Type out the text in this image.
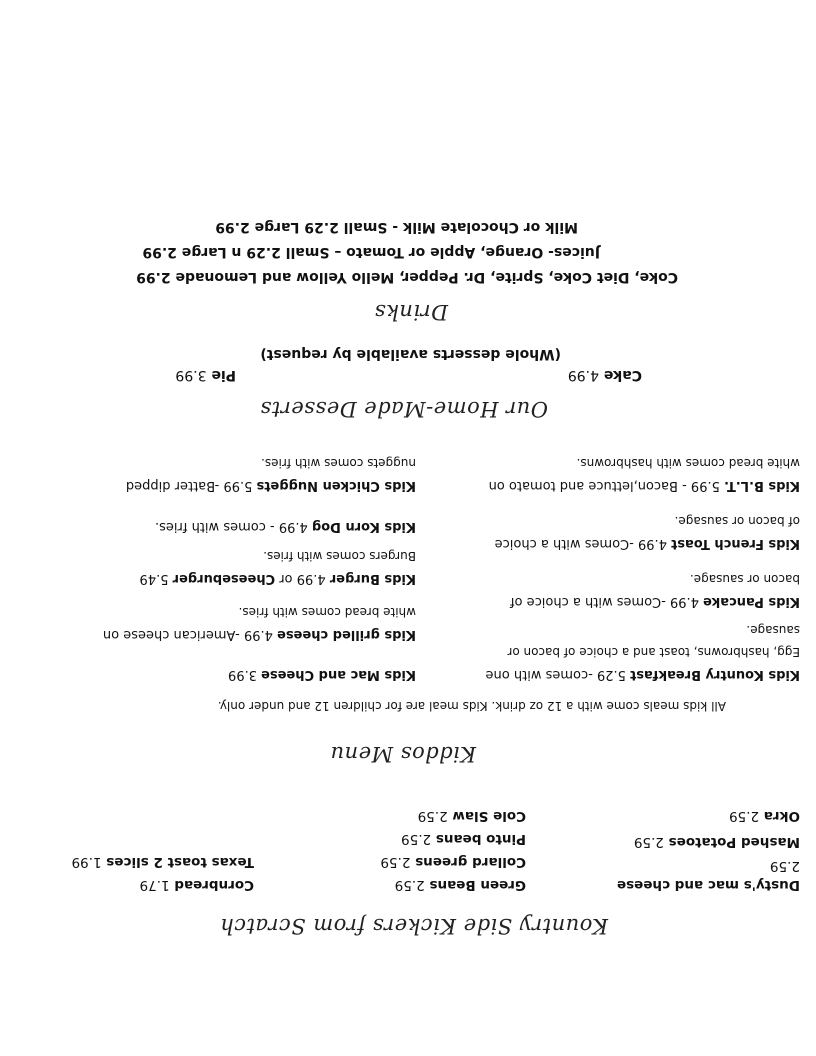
Kountry Side Kickers from Scratch
Dusty's mac and cheese
2.59
Mashed Potatoes 2.59
Okra 2.59
Green Beans 2.59
Collard greens 2.59
Pinto beans 2.59
Cole Slaw 2.59
Cornbread 1.79
Texas toast 2 slices 1.99
Kiddos Menu
All kids meals come with a 12 oz drink. Kids meal are for children 12 and under only.
Kids Kountry Breakfast 5.29 -comes with one
Egg, hashbrowns, toast and a choice of bacon or
sausage.
Kids Pancake 4.99 -Comes with a choice of
bacon or sausage.
Kids French Toast 4.99 -Comes with a choice
of bacon or sausage.
Kids B.L.T. 5.99 - Bacon,lettuce and tomato on
white bread comes with hashbrowns.
Kids Mac and Cheese 3.99
Kids grilled cheese 4.99 -American cheese on
white bread comes with fries.
Kids Burger 4.99 or Cheeseburger 5.49
Burgers comes with fries.
Kids Korn Dog 4.99 - comes with fries.
Kids Chicken Nuggets 5.99 -Batter dipped
nuggets comes with fries.
Our Home-Made Desserts
Cake 4.99
Pie 3.99
(Whole desserts available by request)
Drinks
Coke, Diet Coke, Sprite, Dr. Pepper, Mello Yellow and Lemonade 2.99
Juices- Orange, Apple or Tomato – Small 2.29 n Large 2.99
Milk or Chocolate Milk - Small 2.29 Large 2.99
